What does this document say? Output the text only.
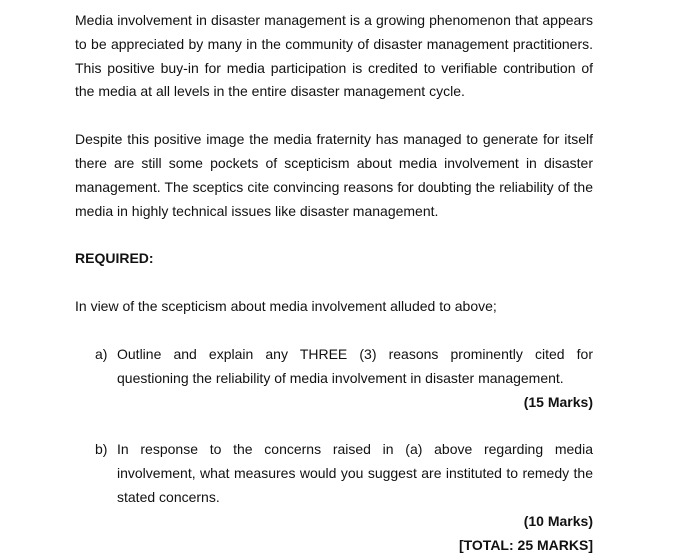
Media involvement in disaster management is a growing phenomenon that appears to be appreciated by many in the community of disaster management practitioners. This positive buy-in for media participation is credited to verifiable contribution of the media at all levels in the entire disaster management cycle.

Despite this positive image the media fraternity has managed to generate for itself there are still some pockets of scepticism about media involvement in disaster management. The sceptics cite convincing reasons for doubting the reliability of the media in highly technical issues like disaster management.

REQUIRED:

In view of the scepticism about media involvement alluded to above;

a) Outline and explain any THREE (3) reasons prominently cited for questioning the reliability of media involvement in disaster management.
(15 Marks)
b) In response to the concerns raised in (a) above regarding media involvement, what measures would you suggest are instituted to remedy the stated concerns.
(10 Marks)
[TOTAL: 25 MARKS]
